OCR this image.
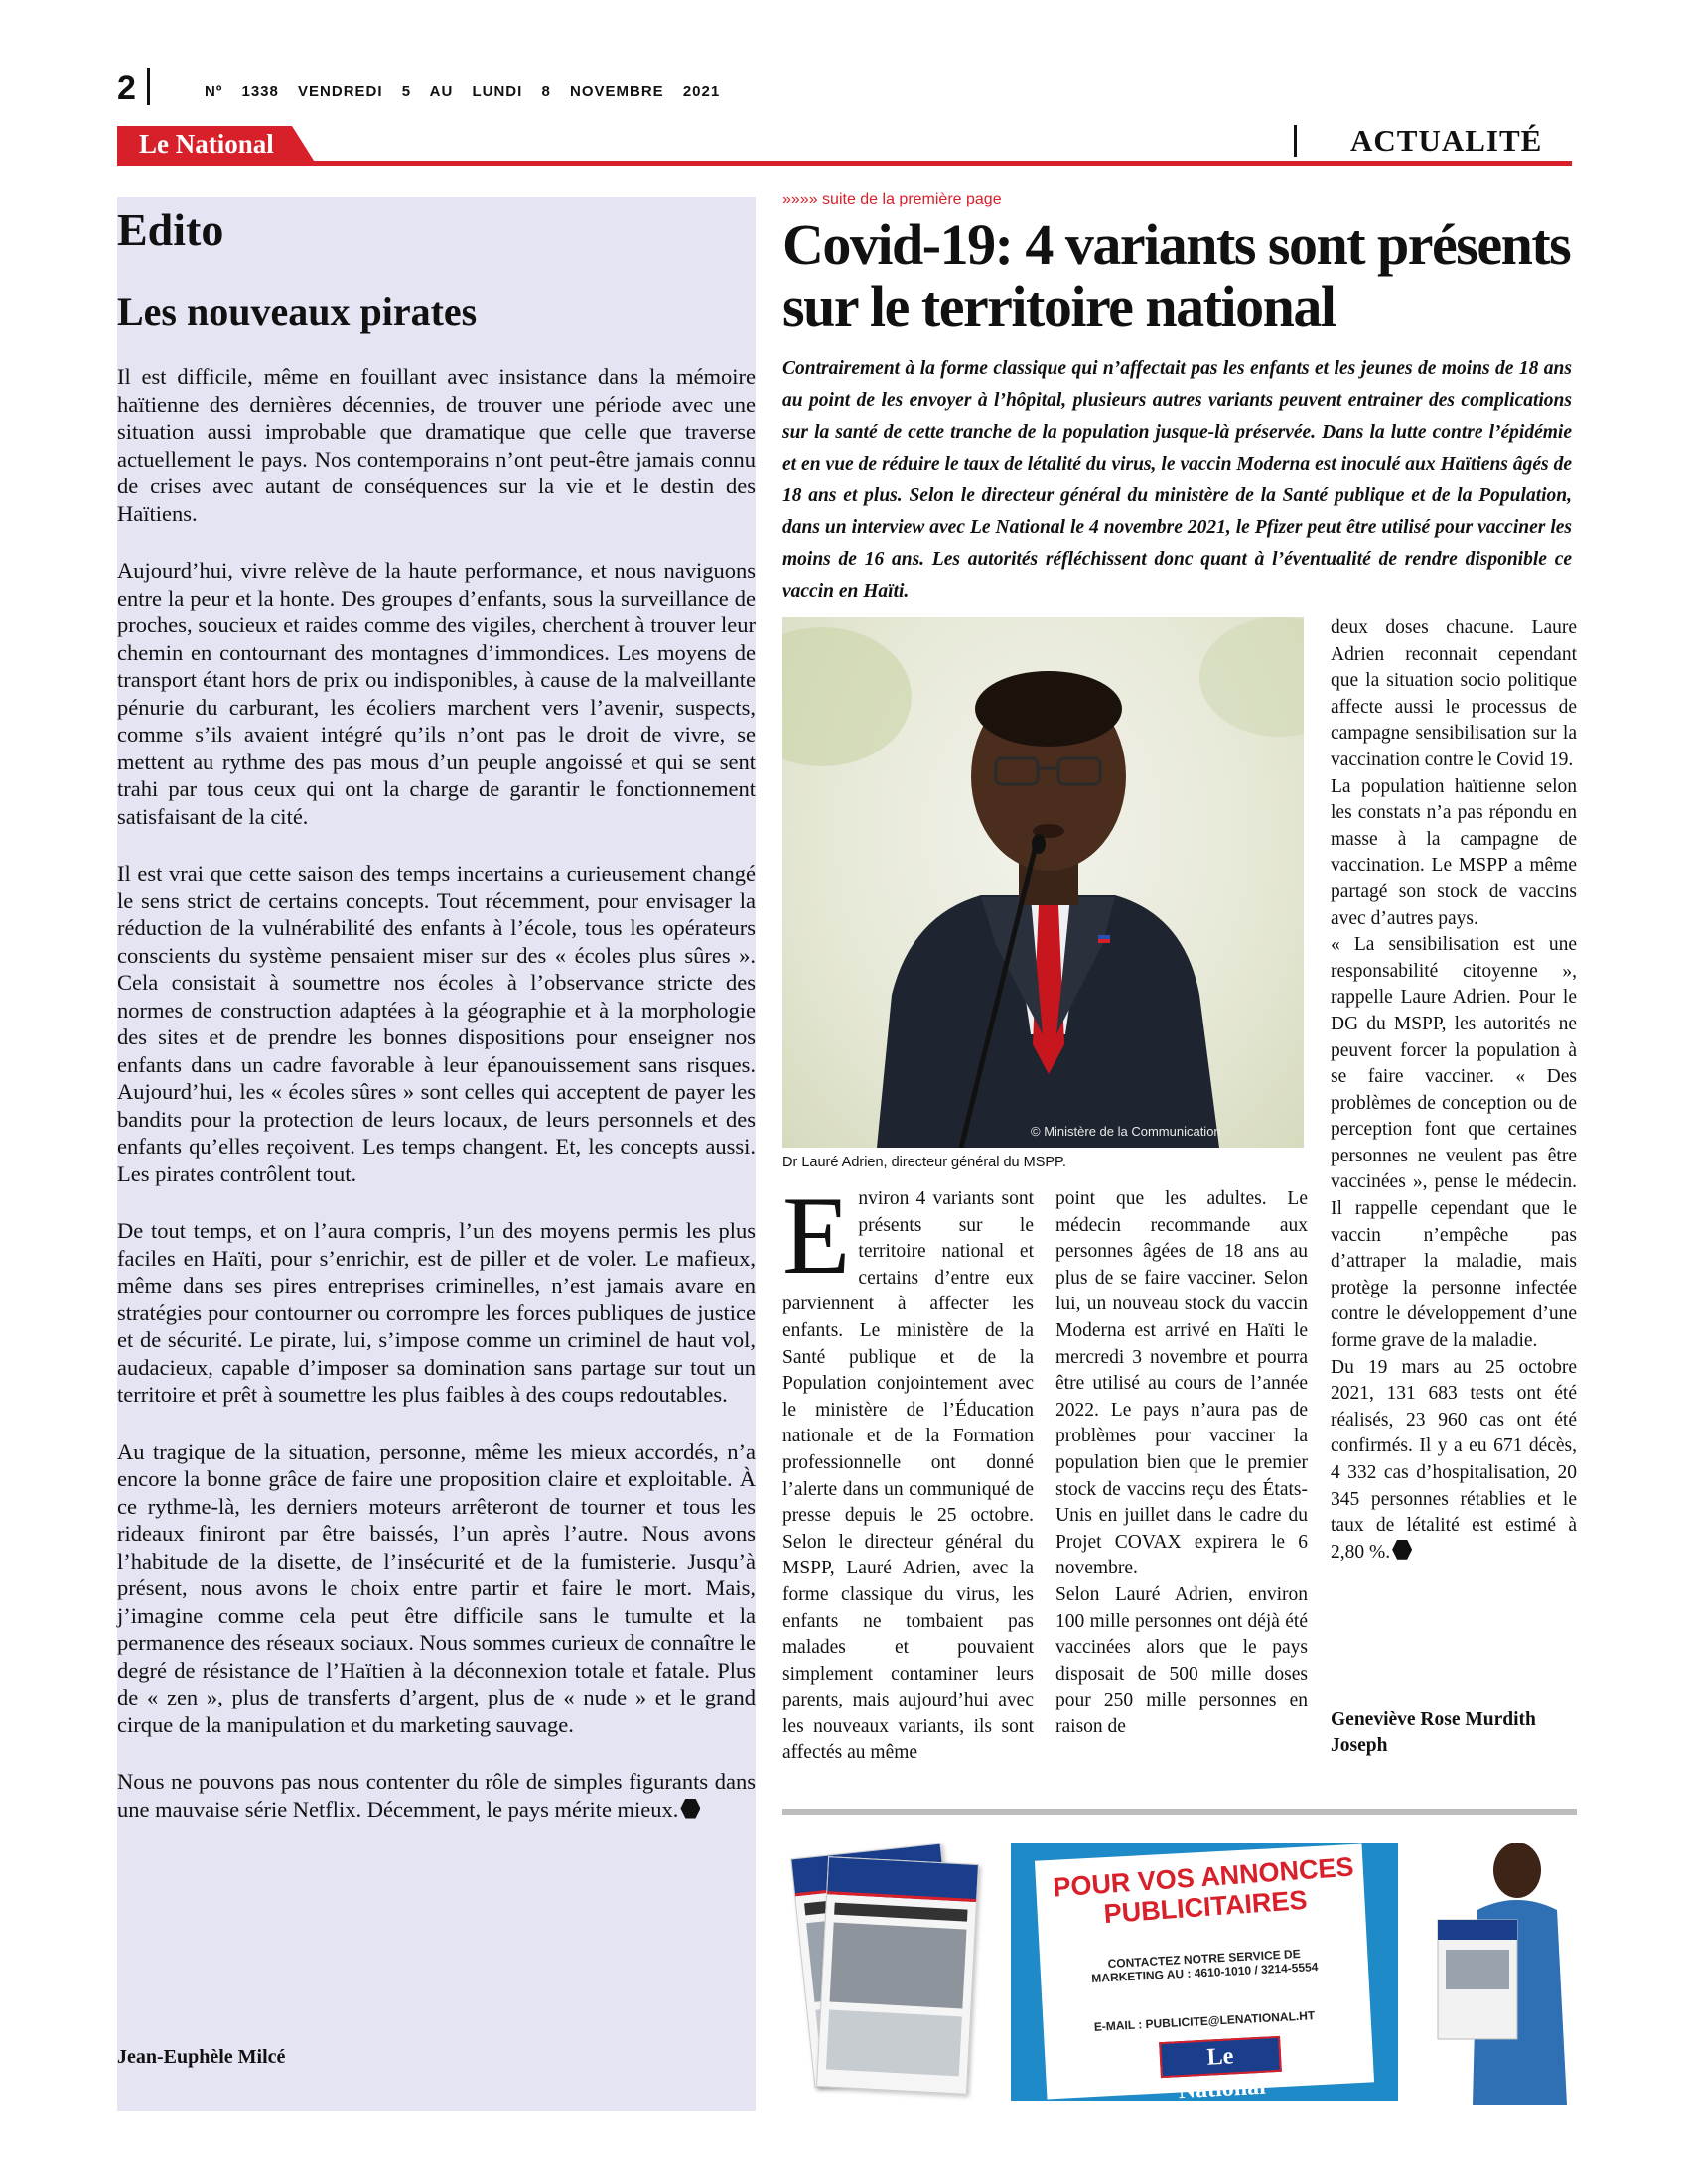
2	Nº 1338 VENDREDI 5 AU LUNDI 8 NOVEMBRE 2021
Le National	ACTUALITÉ
Edito
Les nouveaux pirates

Il est difficile, même en fouillant avec insistance dans la mémoire haïtienne des dernières décennies, de trouver une période avec une situation aussi improbable que dramatique que celle que traverse actuellement le pays. Nos contemporains n’ont peut-être jamais connu de crises avec autant de conséquences sur la vie et le destin des Haïtiens.

Aujourd’hui, vivre relève de la haute performance, et nous naviguons entre la peur et la honte. Des groupes d’enfants, sous la surveillance de proches, soucieux et raides comme des vigiles, cherchent à trouver leur chemin en contournant des montagnes d’immondices. Les moyens de transport étant hors de prix ou indisponibles, à cause de la malveillante pénurie du carburant, les écoliers marchent vers l’avenir, suspects, comme s’ils avaient intégré qu’ils n’ont pas le droit de vivre, se mettent au rythme des pas mous d’un peuple angoissé et qui se sent trahi par tous ceux qui ont la charge de garantir le fonctionnement satisfaisant de la cité.

Il est vrai que cette saison des temps incertains a curieusement changé le sens strict de certains concepts. Tout récemment, pour envisager la réduction de la vulnérabilité des enfants à l’école, tous les opérateurs conscients du système pensaient miser sur des « écoles plus sûres ». Cela consistait à soumettre nos écoles à l’observance stricte des normes de construction adaptées à la géographie et à la morphologie des sites et de prendre les bonnes dispositions pour enseigner nos enfants dans un cadre favorable à leur épanouissement sans risques. Aujourd’hui, les « écoles sûres » sont celles qui acceptent de payer les bandits pour la protection de leurs locaux, de leurs personnels et des enfants qu’elles reçoivent. Les temps changent. Et, les concepts aussi. Les pirates contrôlent tout.

De tout temps, et on l’aura compris, l’un des moyens permis les plus faciles en Haïti, pour s’enrichir, est de piller et de voler. Le mafieux, même dans ses pires entreprises criminelles, n’est jamais avare en stratégies pour contourner ou corrompre les forces publiques de justice et de sécurité. Le pirate, lui, s’impose comme un criminel de haut vol, audacieux, capable d’imposer sa domination sans partage sur tout un territoire et prêt à soumettre les plus faibles à des coups redoutables.

Au tragique de la situation, personne, même les mieux accordés, n’a encore la bonne grâce de faire une proposition claire et exploitable. À ce rythme-là, les derniers moteurs arrêteront de tourner et tous les rideaux finiront par être baissés, l’un après l’autre. Nous avons l’habitude de la disette, de l’insécurité et de la fumisterie. Jusqu’à présent, nous avons le choix entre partir et faire le mort. Mais, j’imagine comme cela peut être difficile sans le tumulte et la permanence des réseaux sociaux. Nous sommes curieux de connaître le degré de résistance de l’Haïtien à la déconnexion totale et fatale. Plus de « zen », plus de transferts d’argent, plus de « nude » et le grand cirque de la manipulation et du marketing sauvage.

Nous ne pouvons pas nous contenter du rôle de simples figurants dans une mauvaise série Netflix. Décemment, le pays mérite mieux.

Jean-Euphèle Milcé
»»»» suite de la première page
Covid-19: 4 variants sont présents sur le territoire national
Contrairement à la forme classique qui n’affectait pas les enfants et les jeunes de moins de 18 ans au point de les envoyer à l’hôpital, plusieurs autres variants peuvent entrainer des complications sur la santé de cette tranche de la population jusque-là préservée. Dans la lutte contre l’épidémie et en vue de réduire le taux de létalité du virus, le vaccin Moderna est inoculé aux Haïtiens âgés de 18 ans et plus. Selon le directeur général du ministère de la Santé publique et de la Population, dans un interview avec Le National le 4 novembre 2021, le Pfizer peut être utilisé pour vacciner les moins de 16 ans. Les autorités réfléchissent donc quant à l’éventualité de rendre disponible ce vaccin en Haïti.
© Ministère de la Communication
Dr Lauré Adrien, directeur général du MSPP.
Environ 4 variants sont présents sur le territoire national et certains d’entre eux parviennent à affecter les enfants. Le ministère de la Santé publique et de la Population conjointement avec le ministère de l’Éducation nationale et de la Formation professionnelle ont donné l’alerte dans un communiqué de presse depuis le 25 octobre. Selon le directeur général du MSPP, Lauré Adrien, avec la forme classique du virus, les enfants ne tombaient pas malades et pouvaient simplement contaminer leurs parents, mais aujourd’hui avec les nouveaux variants, ils sont affectés au même

point que les adultes. Le médecin recommande aux personnes âgées de 18 ans au plus de se faire vacciner. Selon lui, un nouveau stock du vaccin Moderna est arrivé en Haïti le mercredi 3 novembre et pourra être utilisé au cours de l’année 2022. Le pays n’aura pas de problèmes pour vacciner la population bien que le premier stock de vaccins reçu des États-Unis en juillet dans le cadre du Projet COVAX expirera le 6 novembre.

Selon Lauré Adrien, environ 100 mille personnes ont déjà été vaccinées alors que le pays disposait de 500 mille doses pour 250 mille personnes en raison de

deux doses chacune. Laure Adrien reconnait cependant que la situation socio politique affecte aussi le processus de campagne sensibilisation sur la vaccination contre le Covid 19.

La population haïtienne selon les constats n’a pas répondu en masse à la campagne de vaccination. Le MSPP a même partagé son stock de vaccins avec d’autres pays.

« La sensibilisation est une responsabilité citoyenne », rappelle Laure Adrien. Pour le DG du MSPP, les autorités ne peuvent forcer la population à se faire vacciner. « Des problèmes de conception ou de perception font que certaines personnes ne veulent pas être vaccinées », pense le médecin. Il rappelle cependant que le vaccin n’empêche pas d’attraper la maladie, mais protège la personne infectée contre le développement d’une forme grave de la maladie.

Du 19 mars au 25 octobre 2021, 131 683 tests ont été réalisés, 23 960 cas ont été confirmés. Il y a eu 671 décès, 4 332 cas d’hospitalisation, 20 345 personnes rétablies et le taux de létalité est estimé à 2,80 %.

Geneviève Rose Murdith Joseph
POUR VOS ANNONCES PUBLICITAIRES
CONTACTEZ NOTRE SERVICE DE MARKETING AU : 4610-1010 / 3214-5554
E-MAIL : PUBLICITE@LENATIONAL.HT
Le National
